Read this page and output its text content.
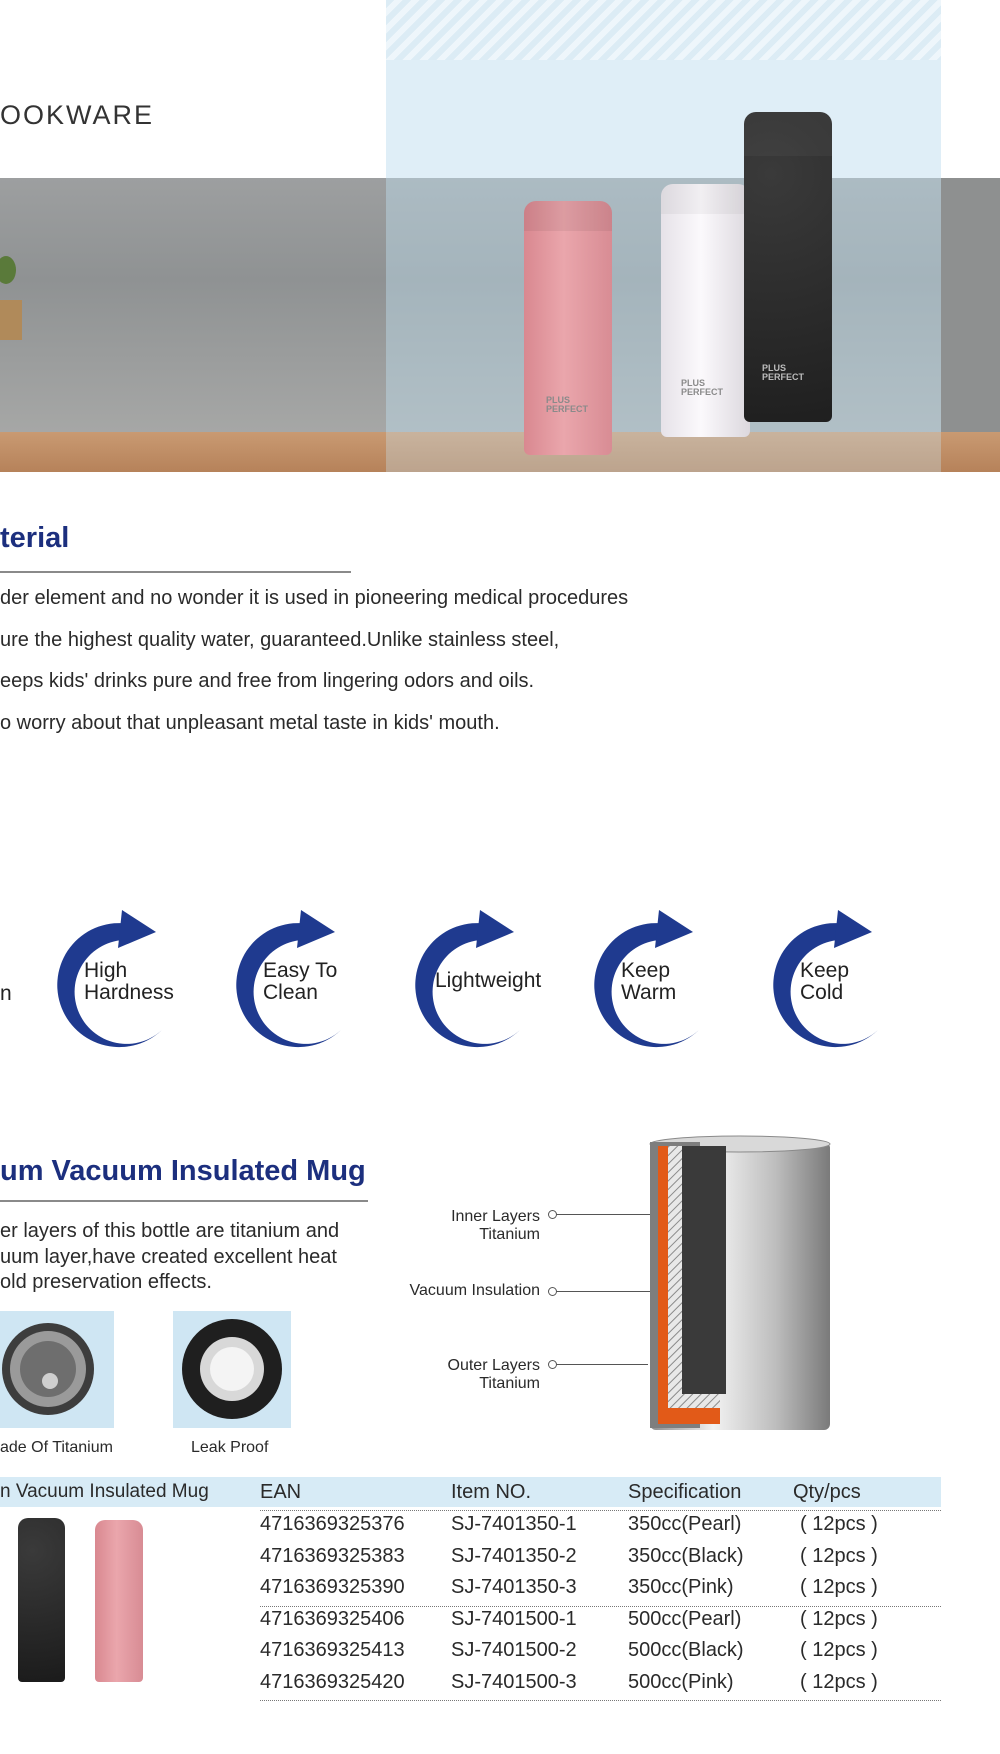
OOKWARE
PLUS PERFECT
PLUS PERFECT
PLUS PERFECT
terial
der element and no wonder it is used in pioneering medical procedures
ure the highest quality water, guaranteed.Unlike stainless steel,
eeps kids' drinks pure and free from lingering odors and oils.
o worry about that unpleasant metal taste in kids' mouth.
n
High
Hardness
Easy To
Clean
Lightweight	Keep
Warm
Keep
Cold
um Vacuum Insulated Mug
er layers of this bottle are titanium and
uum layer,have created excellent heat
old preservation effects.
ade Of Titanium	Leak Proof
Inner Layers
Titanium
Vacuum Insulation
Outer Layers
Titanium
n Vacuum Insulated Mug	EAN	Item NO.	Specification	Qty/pcs
4716369325376 SJ-7401350-1	350cc(Pearl)	( 12pcs )
4716369325383 SJ-7401350-2	350cc(Black)	( 12pcs )
4716369325390 SJ-7401350-3	350cc(Pink)	( 12pcs )
4716369325406 SJ-7401500-1	500cc(Pearl)	( 12pcs )
4716369325413 SJ-7401500-2	500cc(Black)	( 12pcs )
4716369325420 SJ-7401500-3	500cc(Pink)	( 12pcs )
